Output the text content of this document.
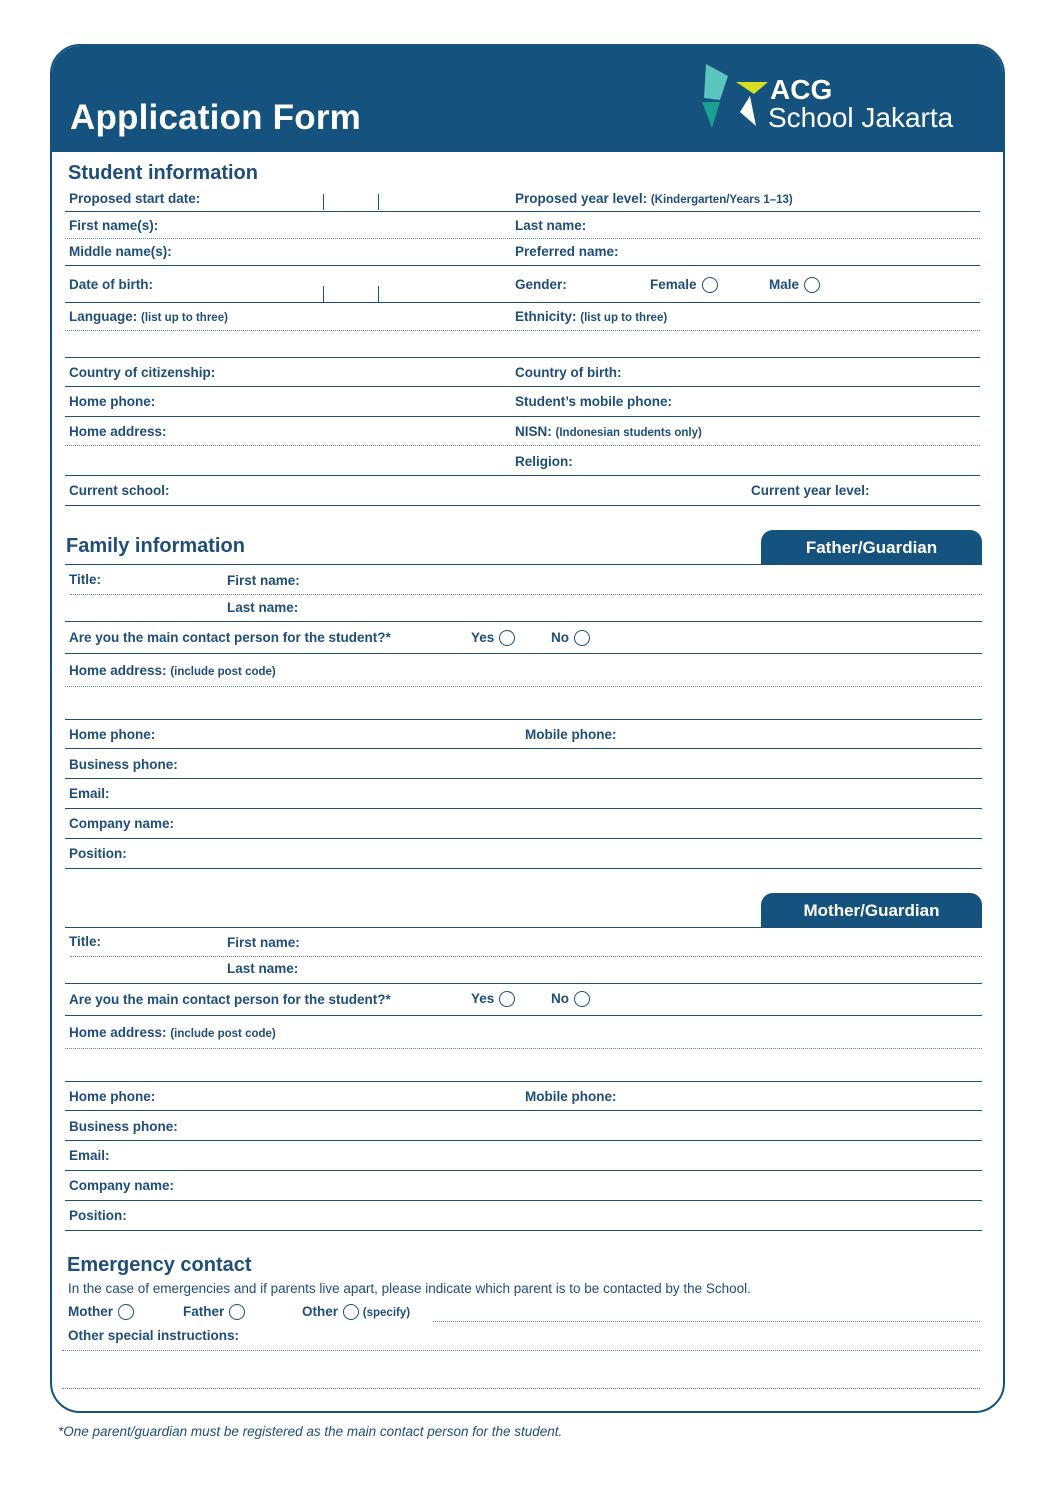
Application Form
ACG
School Jakarta
Student information
Proposed start date:	Proposed year level: (Kindergarten/Years 1–13)
First name(s):	Last name:
Middle name(s):	Preferred name:
Date of birth:	Gender:	Female	Male
Language: (list up to three)	Ethnicity: (list up to three)
Country of citizenship:	Country of birth:
Home phone:	Student’s mobile phone:
Home address:	NISN: (Indonesian students only)
Religion:
Current school:	Current year level:
Family information	Father/Guardian
Title:	First name:
Last name:
Are you the main contact person for the student?*	Yes	No
Home address: (include post code)
Home phone:	Mobile phone:
Business phone:
Email:
Company name:
Position:
Mother/Guardian
Title:	First name:
Last name:
Are you the main contact person for the student?*	Yes	No
Home address: (include post code)
Home phone:	Mobile phone:
Business phone:
Email:
Company name:
Position:
Emergency contact
In the case of emergencies and if parents live apart, please indicate which parent is to be contacted by the School.
Mother	Father	Other (specify)
Other special instructions:
*One parent/guardian must be registered as the main contact person for the student.
